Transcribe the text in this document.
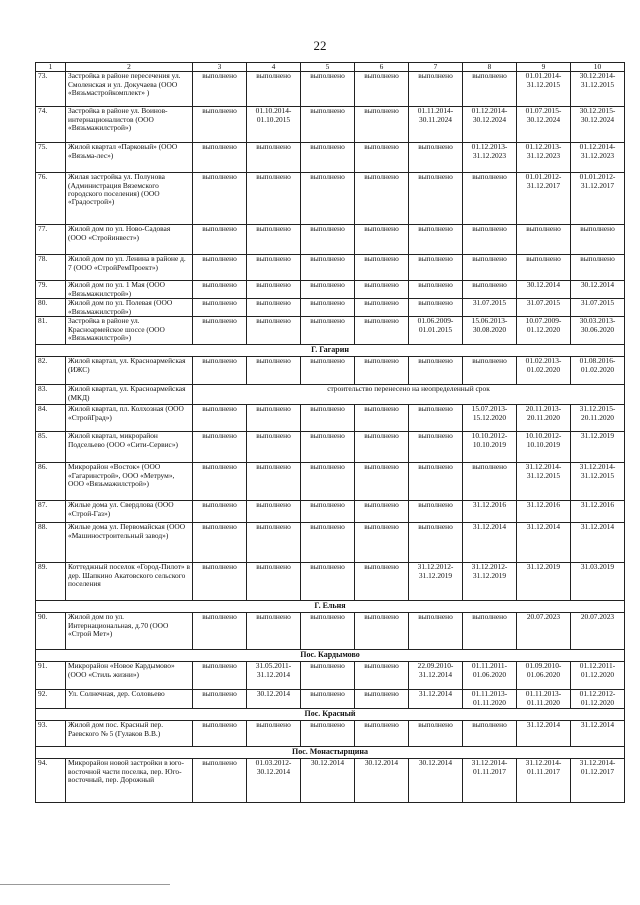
22
1	2	3	4	5	6	7	8	9	10
73.	Застройка в районе пересечения ул. Смоленская и ул. Докучаева (ООО «Вязьмастройкомплект» )	выполнено	выполнено	выполнено	выполнено	выполнено	выполнено	01.01.2014-31.12.2015	30.12.2014-31.12.2015
74.	Застройка в районе ул. Воинов-интернационалистов (ООО «Вязьмажилстрой»)	выполнено	01.10.2014-01.10.2015	выполнено	выполнено	01.11.2014-30.11.2024	01.12.2014-30.12.2024	01.07.2015-30.12.2024	30.12.2015-30.12.2024
75.	Жилой квартал «Парковый» (ООО «Вязьма-лес»)	выполнено	выполнено	выполнено	выполнено	выполнено	01.12.2013-31.12.2023	01.12.2013-31.12.2023	01.12.2014-31.12.2023
76.	Жилая застройка ул. Полунова (Администрация Вяземского городского поселения) (ООО «Градострой»)	выполнено	выполнено	выполнено	выполнено	выполнено	выполнено	01.01.2012-31.12.2017	01.01.2012-31.12.2017
77.	Жилой дом по ул. Ново-Садовая (ООО «Стройинвест»)	выполнено	выполнено	выполнено	выполнено	выполнено	выполнено	выполнено	выполнено
78.	Жилой дом по ул. Ленина в районе д. 7 (ООО «СтройРемПроект»)	выполнено	выполнено	выполнено	выполнено	выполнено	выполнено	выполнено	выполнено
79.	Жилой дом по ул. 1 Мая (ООО «Вязьмажилстрой»)	выполнено	выполнено	выполнено	выполнено	выполнено	выполнено	30.12.2014	30.12.2014
80.	Жилой дом по ул. Полевая (ООО «Вязьмажилстрой»)	выполнено	выполнено	выполнено	выполнено	выполнено	31.07.2015	31.07.2015	31.07.2015
81.	Застройка в районе ул. Красноармейское шоссе (ООО «Вязьмажилстрой»)	выполнено	выполнено	выполнено	выполнено	01.06.2009-01.01.2015	15.06.2013-30.08.2020	10.07.2009-01.12.2020	30.03.2013-30.06.2020
Г. Гагарин									
82.	Жилой квартал, ул. Красноармейская (ИЖС)	выполнено	выполнено	выполнено	выполнено	выполнено	выполнено	01.02.2013-01.02.2020	01.08.2016-01.02.2020
83.	Жилой квартал, ул. Красноармейская (МКД)	строительство перенесено на неопределенный срок							
84.	Жилой квартал, пл. Колхозная (ООО «СтройГрад»)	выполнено	выполнено	выполнено	выполнено	выполнено	15.07.2013-15.12.2020	20.11.2013-20.11.2020	31.12.2015-20.11.2020
85.	Жилой квартал, микрорайон Подсельево (ООО «Сити-Сервис»)	выполнено	выполнено	выполнено	выполнено	выполнено	10.10.2012-10.10.2019	10.10.2012-10.10.2019	31.12.2019
86.	Микрорайон «Восток» (ООО «Гагаринстрой», ООО «Метрум», ООО «Вязьмажилстрой»)	выполнено	выполнено	выполнено	выполнено	выполнено	выполнено	31.12.2014-31.12.2015	31.12.2014-31.12.2015
87.	Жилые дома ул. Свердлова (ООО «Строй-Газ»)	выполнено	выполнено	выполнено	выполнено	выполнено	31.12.2016	31.12.2016	31.12.2016
88.	Жилые дома ул. Первомайская (ООО «Машиностроительный завод»)	выполнено	выполнено	выполнено	выполнено	выполнено	31.12.2014	31.12.2014	31.12.2014
89.	Коттеджный поселок «Город-Пилот» в дер. Шапкино Акатовского сельского поселения	выполнено	выполнено	выполнено	выполнено	31.12.2012-31.12.2019	31.12.2012-31.12.2019	31.12.2019	31.03.2019
Г. Ельня									
90.	Жилой дом по ул. Интернациональная, д.70 (ООО «Строй Мет»)	выполнено	выполнено	выполнено	выполнено	выполнено	выполнено	20.07.2023	20.07.2023
Пос. Кардымово									
91.	Микрорайон «Новое Кардымово» (ООО «Стиль жизни»)	выполнено	31.05.2011-31.12.2014	выполнено	выполнено	22.09.2010-31.12.2014	01.11.2011-01.06.2020	01.09.2010-01.06.2020	01.12.2011-01.12.2020
92.	Ул. Солнечная, дер. Соловьево	выполнено	30.12.2014	выполнено	выполнено	31.12.2014	01.11.2013-01.11.2020	01.11.2013-01.11.2020	01.12.2012-01.12.2020
Пос. Красный									
93.	Жилой дом пос. Красный пер. Раевского № 5 (Гулаков В.В.)	выполнено	выполнено	выполнено	выполнено	выполнено	выполнено	31.12.2014	31.12.2014
Пос. Монастырщина									
94.	Микрорайон новой застройки в юго-восточной части поселка, пер. Юго-восточный, пер. Дорожный	выполнено	01.03.2012-30.12.2014	30.12.2014	30.12.2014	30.12.2014	31.12.2014-01.11.2017	31.12.2014-01.11.2017	31.12.2014-01.12.2017
